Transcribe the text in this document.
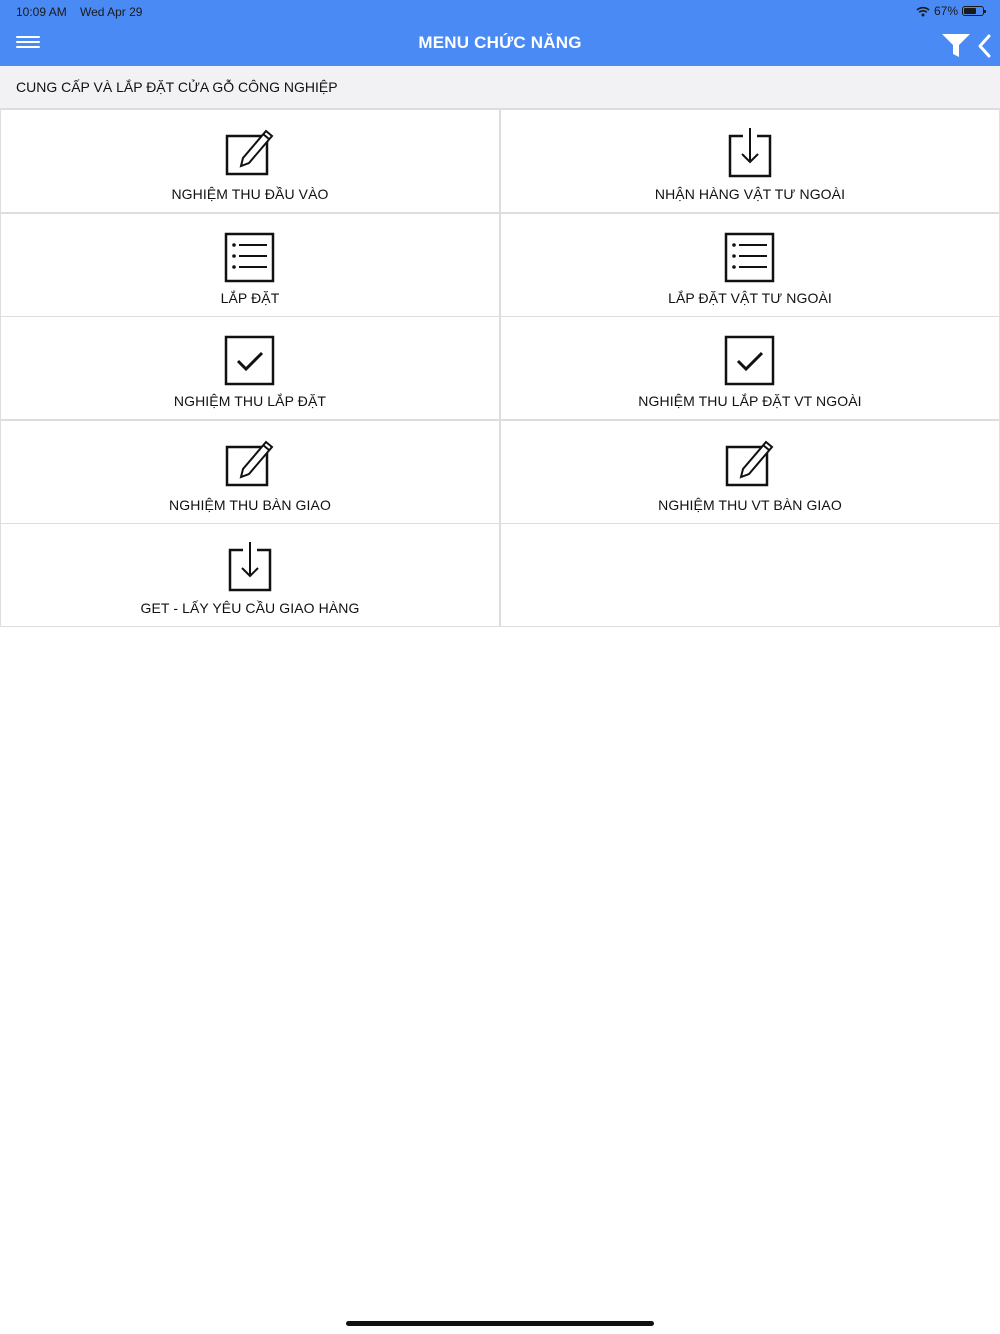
10:09 AM Wed Apr 29	67%
MENU CHỨC NĂNG
CUNG CẤP VÀ LẮP ĐẶT CỬA GỖ CÔNG NGHIỆP
NGHIỆM THU ĐẦU VÀO	NHẬN HÀNG VẬT TƯ NGOÀI
LẮP ĐẶT	LẮP ĐẶT VẬT TƯ NGOÀI
NGHIỆM THU LẮP ĐẶT	NGHIỆM THU LẮP ĐẶT VT NGOÀI
NGHIỆM THU BÀN GIAO	NGHIỆM THU VT BÀN GIAO
GET - LẤY YÊU CẦU GIAO HÀNG
